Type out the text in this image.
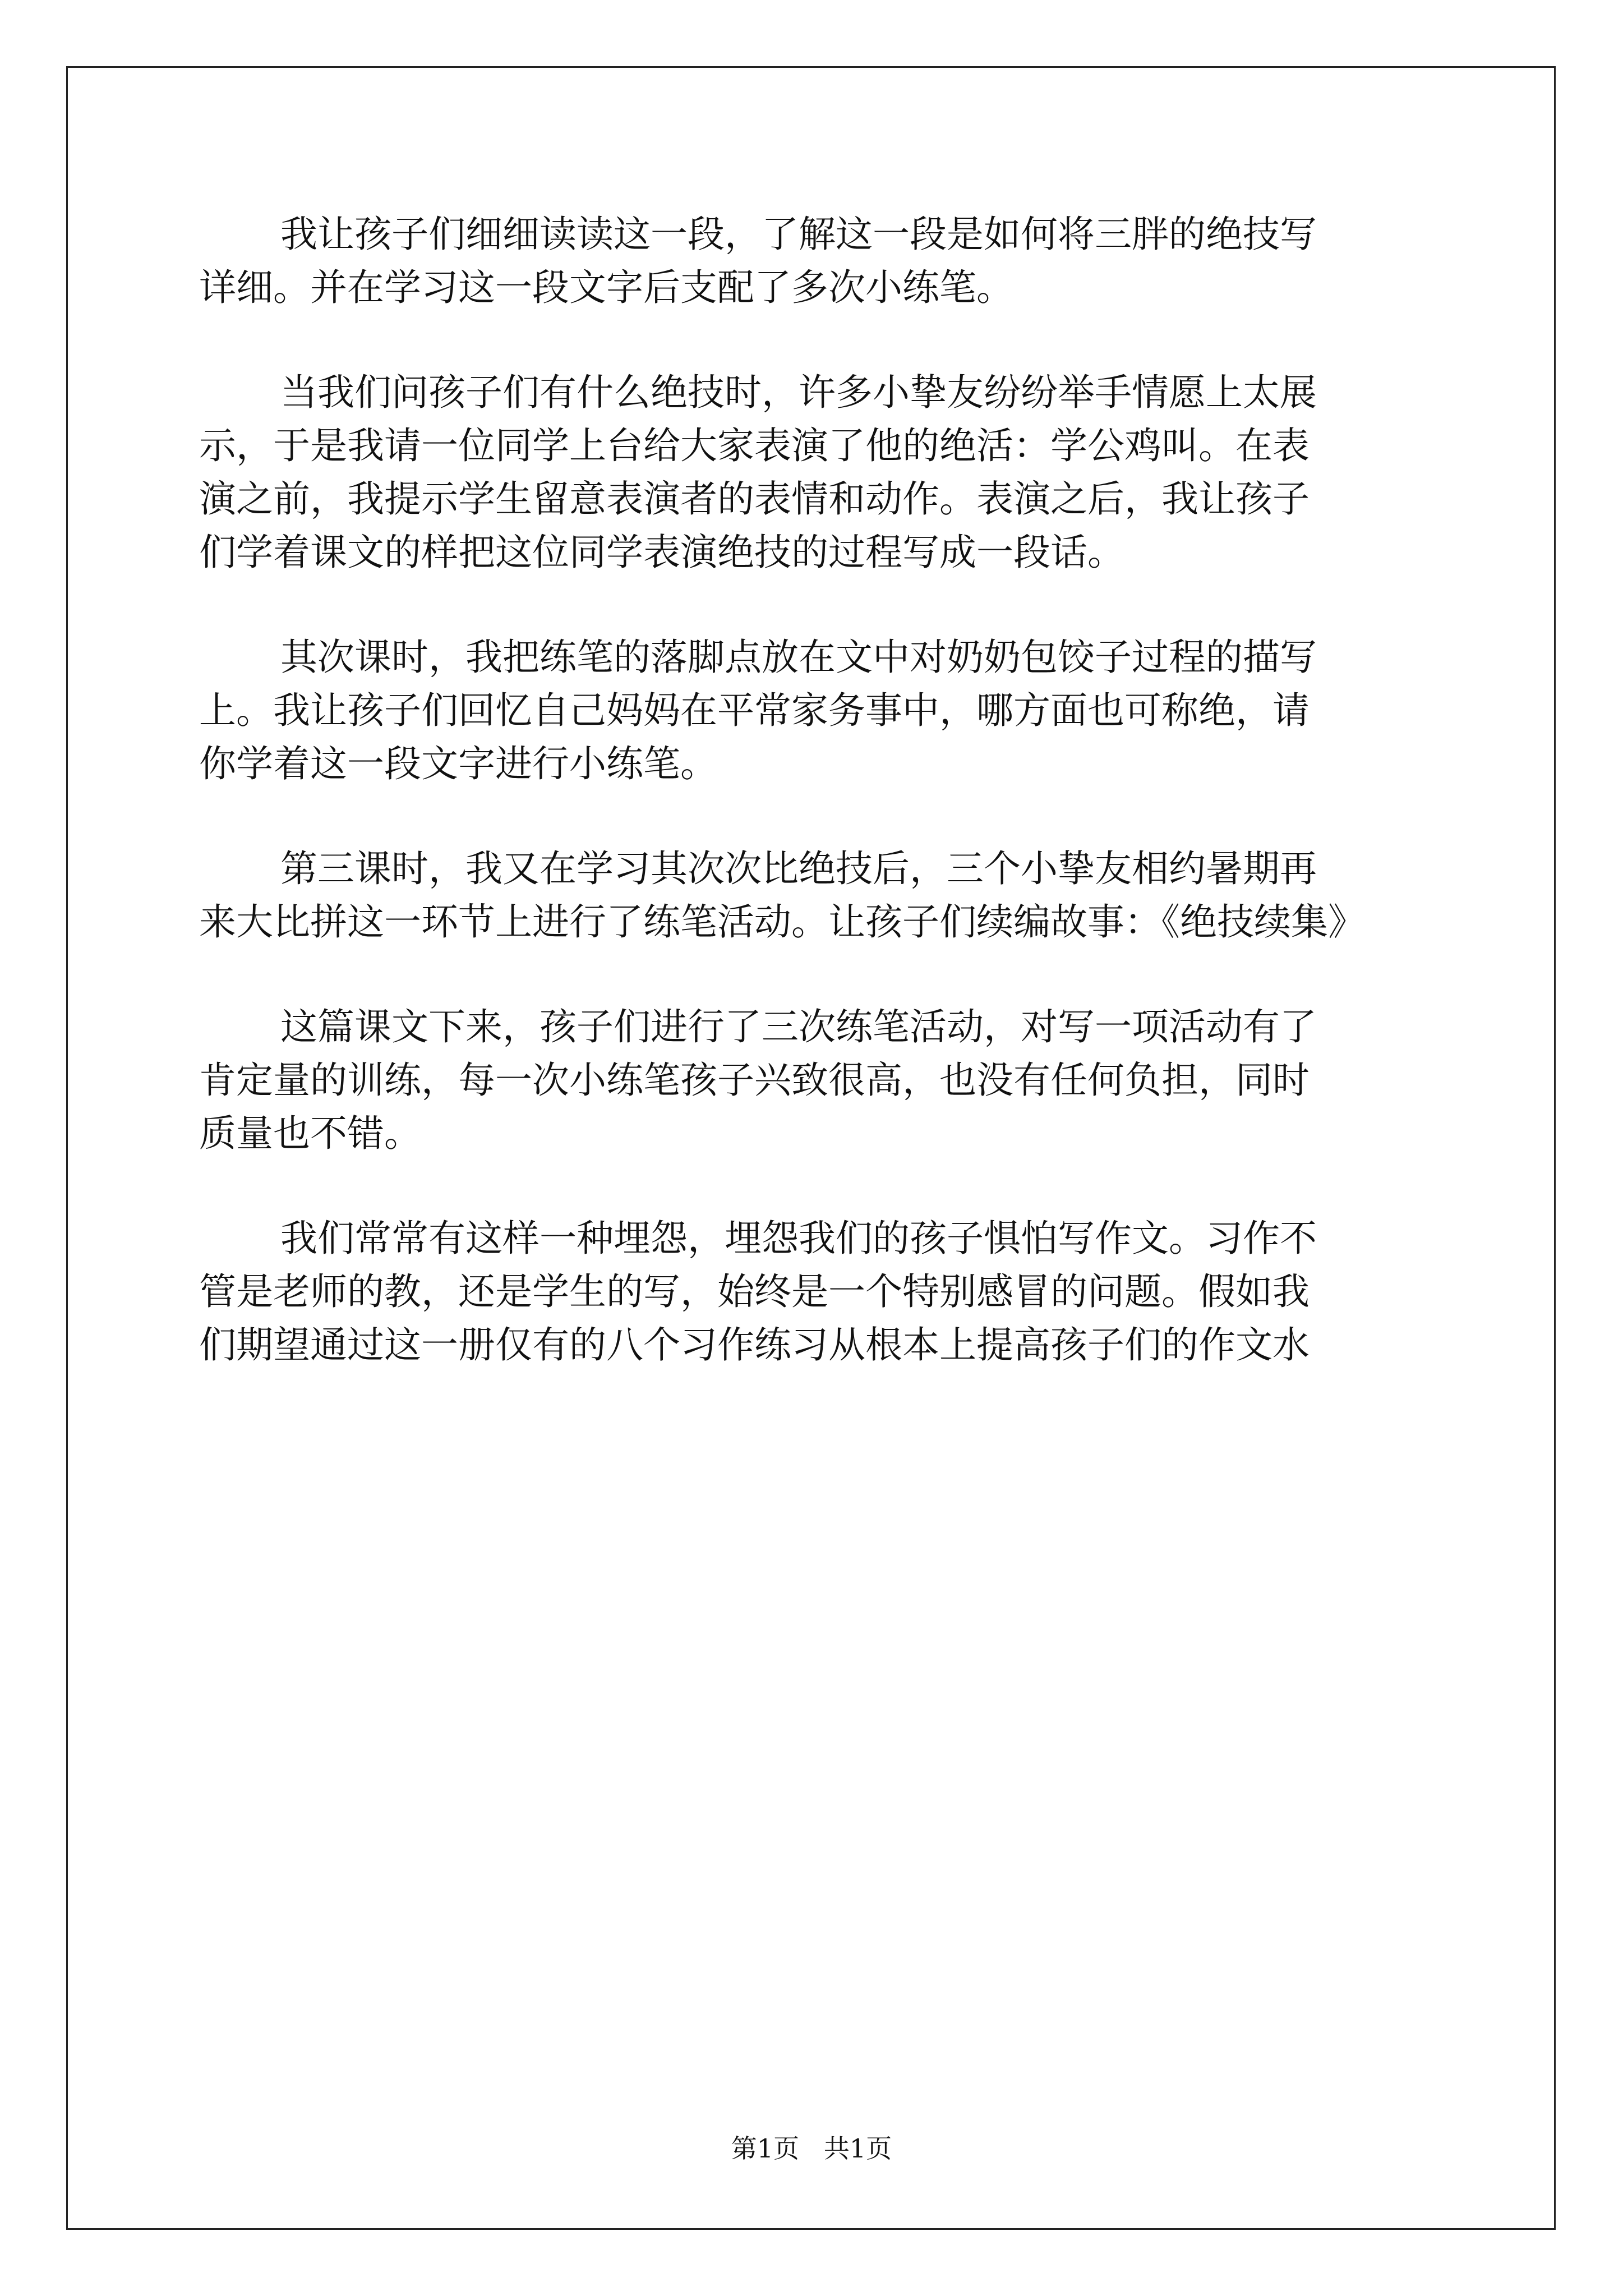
我让孩子们细细读读这一段，了解这一段是如何将三胖的绝技写
详细。并在学习这一段文字后支配了多次小练笔。
当我们问孩子们有什么绝技时，许多小挚友纷纷举手情愿上太展
示，于是我请一位同学上台给大家表演了他的绝活：学公鸡叫。在表
演之前，我提示学生留意表演者的表情和动作。表演之后，我让孩子
们学着课文的样把这位同学表演绝技的过程写成一段话。
其次课时，我把练笔的落脚点放在文中对奶奶包饺子过程的描写
上。我让孩子们回忆自己妈妈在平常家务事中，哪方面也可称绝，请
你学着这一段文字进行小练笔。
第三课时，我又在学习其次次比绝技后，三个小挚友相约暑期再
来大比拼这一环节上进行了练笔活动。让孩子们续编故事：《绝技续集》
这篇课文下来，孩子们进行了三次练笔活动，对写一项活动有了
肯定量的训练，每一次小练笔孩子兴致很高，也没有任何负担，同时
质量也不错。
我们常常有这样一种埋怨，埋怨我们的孩子惧怕写作文。习作不
管是老师的教，还是学生的写，始终是一个特别感冒的问题。假如我
们期望通过这一册仅有的八个习作练习从根本上提高孩子们的作文水
第1页   共1页
